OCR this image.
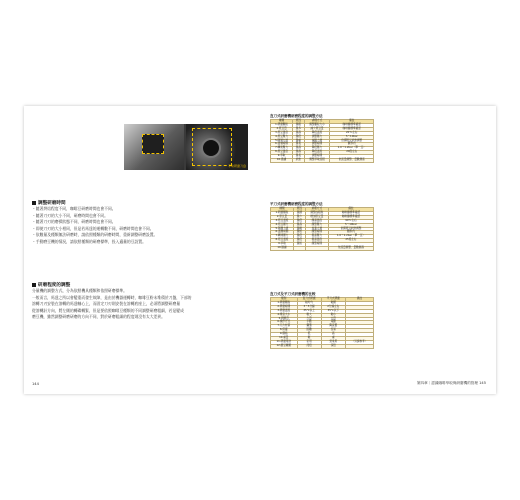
手动研磨刀盘
調整研磨時間

・隨著烘焙程度不同，咖啡豆研磨時間也會不同。

・隨著刀刃的大小不同，研磨時間也會不同。

・隨著刀刃的磨損狀態不同，研磨時間也會不同。

・即使刀刃的大小相同，但是若馬達的運轉數不同，研磨時間也會不同。

・依數量及種類無法研磨時，請依照種類的研磨時間，重新調整研磨設置。

・手動磨豆機的情況，請依照種類的研磨標準，投入適量的豆設置。

研磨程度的調整

分量機的調整方式，分為依照機具種類和依照研磨標準。

一般而言，馬達之所以會變重而發生故障，是由於機器運轉時，咖啡豆粉末堆積於刀盤，下部的

溶轉刀刃安裝在溶轉的馬達軸心上，而固定刀刃則安裝在溶轉底座上，必須將調整研磨量

從溶轉針方向，將左側的轉碟轉緊，但是要依照咖啡豆種類的不同調整研磨粗細，若是變成

磨豆機，雖然調整研磨研磨的方向不同，對於研磨粗細的程度則沒有太大差異。

144
直刀式研磨機研磨程度的調整方法
種類	原因	處理方式	備註
1.研磨顆粒	過粗	調整顆粒大小	咖啡廳標準確認
2.原豆量	過多	減少原豆量	咖啡廳標準確認
3.原豆溫度	過高	降低溫度	20℃左右
4.原豆壓力	過低	調整壓力	5～10bar
5.隔層力道	過重	減輕力道	依據原豆狀態調整
6.溫層時間	過長	調整時間	數秒內
7.轉速壓力	過高	降低壓力	1.0～1.2bar（單一豆）
8.原豆溫度	過高	降低溫度	20度左右
9.萃取	過長	調整時間	
10.過濾	狀態	調整萃取流程	依流量調整、量數調高
平刀式研磨機研磨程度的調整方法
種類	原因	處理方式	備註
1.研磨顆粒	過細	調整成粗粒	咖啡廳標準確認
2.原豆量	過少	增加原豆量	咖啡廳標準確認
3.原豆溫度	過低	調高溫度	90℃左右
4.原豆壓力	過高	調整壓力	5～10bar
5.隔層力道	過輕	加強力道	依據原豆狀態調整
6.溫層時間	過短	調整時間	數秒內
7.轉速壓力	過低	提高壓力	1.0～1.2bar（單一豆）
8.原豆溫度	過低	提高溫度	25度左右
9.萃取	過短	調整時間	
10.過濾			依流量調整、量數調高
直刀式及平刀式研磨機的比較
類別	直刀式研磨	平刀式研磨	備註
1.研磨顆粒	較均勻	較細	
2.研磨時間	3～5分鐘	2分鐘左右	
3.研磨溫度	35℃以上	35℃以下	
4.噪音大小	較大	較小	
5.研磨量	少量	大量	
6.操作方式	手動	電動	
7.刀片材質	鋼製	陶瓷製	
8.保養	困難	容易	
9.價格	低	高	
10.重量	輕	重	
11.研磨用途	家用	營業用	（另請參考）
12.磨豆種類	淺焙	深焙	
第四章｜認識咖啡萃取與研磨機的管理 145
